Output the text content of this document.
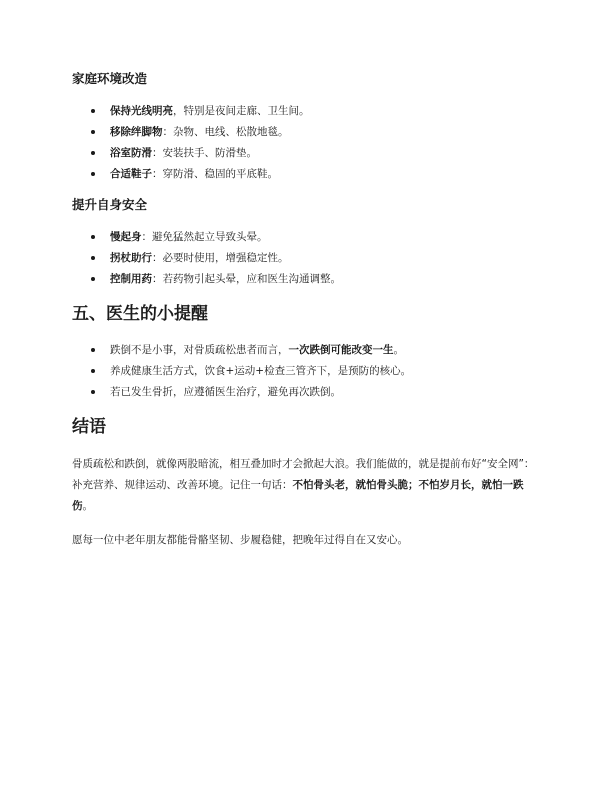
家庭环境改造
保持光线明亮，特别是夜间走廊、卫生间。
移除绊脚物：杂物、电线、松散地毯。
浴室防滑：安装扶手、防滑垫。
合适鞋子：穿防滑、稳固的平底鞋。
提升自身安全
慢起身：避免猛然起立导致头晕。
拐杖助行：必要时使用，增强稳定性。
控制用药：若药物引起头晕，应和医生沟通调整。
五、医生的小提醒
跌倒不是小事，对骨质疏松患者而言，一次跌倒可能改变一生。
养成健康生活方式，饮食+运动+检查三管齐下，是预防的核心。
若已发生骨折，应遵循医生治疗，避免再次跌倒。
结语

骨质疏松和跌倒，就像两股暗流，相互叠加时才会掀起大浪。我们能做的，就是提前布好“安全网”：补充营养、规律运动、改善环境。记住一句话：不怕骨头老，就怕骨头脆；不怕岁月长，就怕一跌伤。

愿每一位中老年朋友都能骨骼坚韧、步履稳健，把晚年过得自在又安心。
